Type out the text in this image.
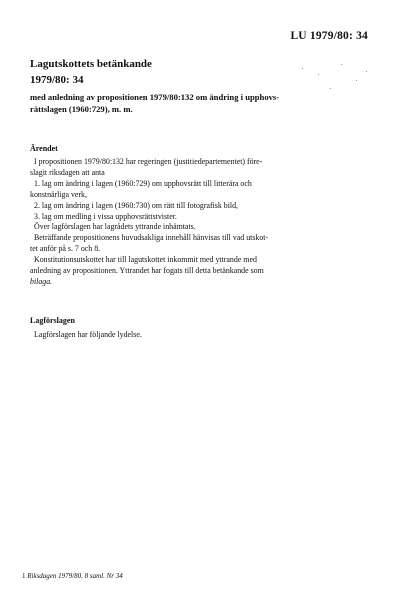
LU 1979/80: 34
Lagutskottets betänkande
1979/80: 34
med anledning av propositionen 1979/80:132 om ändring i upphovs-
rättslagen (1960:729), m. m.
Ärendet
I propositionen 1979/80:132 har regeringen (justitiedepartementet) före-
slagit riksdagen att anta
1. lag om ändring i lagen (1960:729) om upphovsrätt till litterära och
konstnärliga verk,
2. lag om ändring i lagen (1960:730) om rätt till fotografisk bild,
3. lag om medling i vissa upphovsrättstvister.
Över lagförslagen har lagrådets yttrande inhämtats.
Beträffande propositionens huvudsakliga innehåll hänvisas till vad utskot-
tet anför på s. 7 och 8.
Konstitutionsutskottet har till lagutskottet inkommit med yttrande med
anledning av propositionen. Yttrandet har fogats till detta betänkande som
bilaga.
Lagförslagen
Lagförslagen har följande lydelse.
1 Riksdagen 1979/80. 8 saml. Nr 34
